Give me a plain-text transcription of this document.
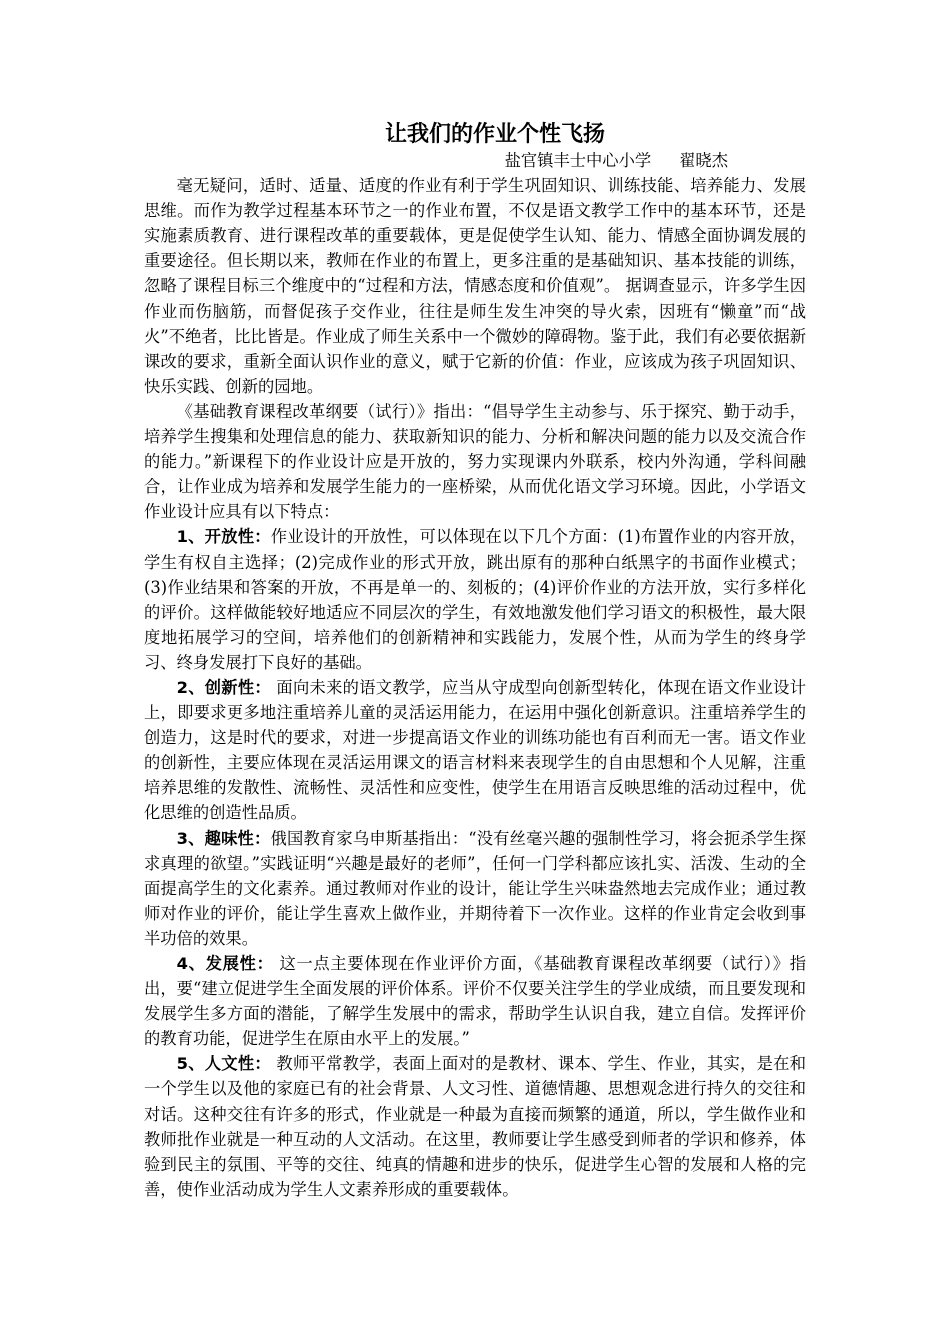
让我们的作业个性飞扬
盐官镇丰士中心小学 翟晓杰

毫无疑问，适时、适量、适度的作业有利于学生巩固知识、训练技能、培养能力、发展思维。而作为教学过程基本环节之一的作业布置，不仅是语文教学工作中的基本环节，还是实施素质教育、进行课程改革的重要载体，更是促使学生认知、能力、情感全面协调发展的重要途径。但长期以来，教师在作业的布置上，更多注重的是基础知识、基本技能的训练，忽略了课程目标三个维度中的“过程和方法，情感态度和价值观”。 据调查显示，许多学生因作业而伤脑筋，而督促孩子交作业，往往是师生发生冲突的导火索，因班有“懒童”而“战火”不绝者，比比皆是。作业成了师生关系中一个微妙的障碍物。鉴于此，我们有必要依据新课改的要求，重新全面认识作业的意义，赋于它新的价值：作业，应该成为孩子巩固知识、快乐实践、创新的园地。

《基础教育课程改革纲要（试行）》指出：“倡导学生主动参与、乐于探究、勤于动手，培养学生搜集和处理信息的能力、获取新知识的能力、分析和解决问题的能力以及交流合作的能力。”新课程下的作业设计应是开放的，努力实现课内外联系，校内外沟通，学科间融合，让作业成为培养和发展学生能力的一座桥梁，从而优化语文学习环境。因此，小学语文作业设计应具有以下特点：

1、开放性：作业设计的开放性，可以体现在以下几个方面：(1)布置作业的内容开放，学生有权自主选择；(2)完成作业的形式开放，跳出原有的那种白纸黑字的书面作业模式；(3)作业结果和答案的开放，不再是单一的、刻板的；(4)评价作业的方法开放，实行多样化的评价。这样做能较好地适应不同层次的学生，有效地激发他们学习语文的积极性，最大限度地拓展学习的空间，培养他们的创新精神和实践能力，发展个性，从而为学生的终身学习、终身发展打下良好的基础。

2、创新性： 面向未来的语文教学，应当从守成型向创新型转化，体现在语文作业设计上，即要求更多地注重培养儿童的灵活运用能力，在运用中强化创新意识。注重培养学生的创造力，这是时代的要求，对进一步提高语文作业的训练功能也有百利而无一害。语文作业的创新性，主要应体现在灵活运用课文的语言材料来表现学生的自由思想和个人见解，注重培养思维的发散性、流畅性、灵活性和应变性，使学生在用语言反映思维的活动过程中，优化思维的创造性品质。

3、趣味性：俄国教育家乌申斯基指出：“没有丝毫兴趣的强制性学习，将会扼杀学生探求真理的欲望。”实践证明“兴趣是最好的老师”，任何一门学科都应该扎实、活泼、生动的全面提高学生的文化素养。通过教师对作业的设计，能让学生兴味盎然地去完成作业；通过教师对作业的评价，能让学生喜欢上做作业，并期待着下一次作业。这样的作业肯定会收到事半功倍的效果。

4、发展性： 这一点主要体现在作业评价方面，《基础教育课程改革纲要（试行）》指出，要“建立促进学生全面发展的评价体系。评价不仅要关注学生的学业成绩，而且要发现和发展学生多方面的潜能，了解学生发展中的需求，帮助学生认识自我，建立自信。发挥评价的教育功能，促进学生在原由水平上的发展。”

5、人文性： 教师平常教学，表面上面对的是教材、课本、学生、作业，其实，是在和一个学生以及他的家庭已有的社会背景、人文习性、道德情趣、思想观念进行持久的交往和对话。这种交往有许多的形式，作业就是一种最为直接而频繁的通道，所以，学生做作业和教师批作业就是一种互动的人文活动。在这里，教师要让学生感受到师者的学识和修养，体验到民主的氛围、平等的交往、纯真的情趣和进步的快乐，促进学生心智的发展和人格的完善，使作业活动成为学生人文素养形成的重要载体。
